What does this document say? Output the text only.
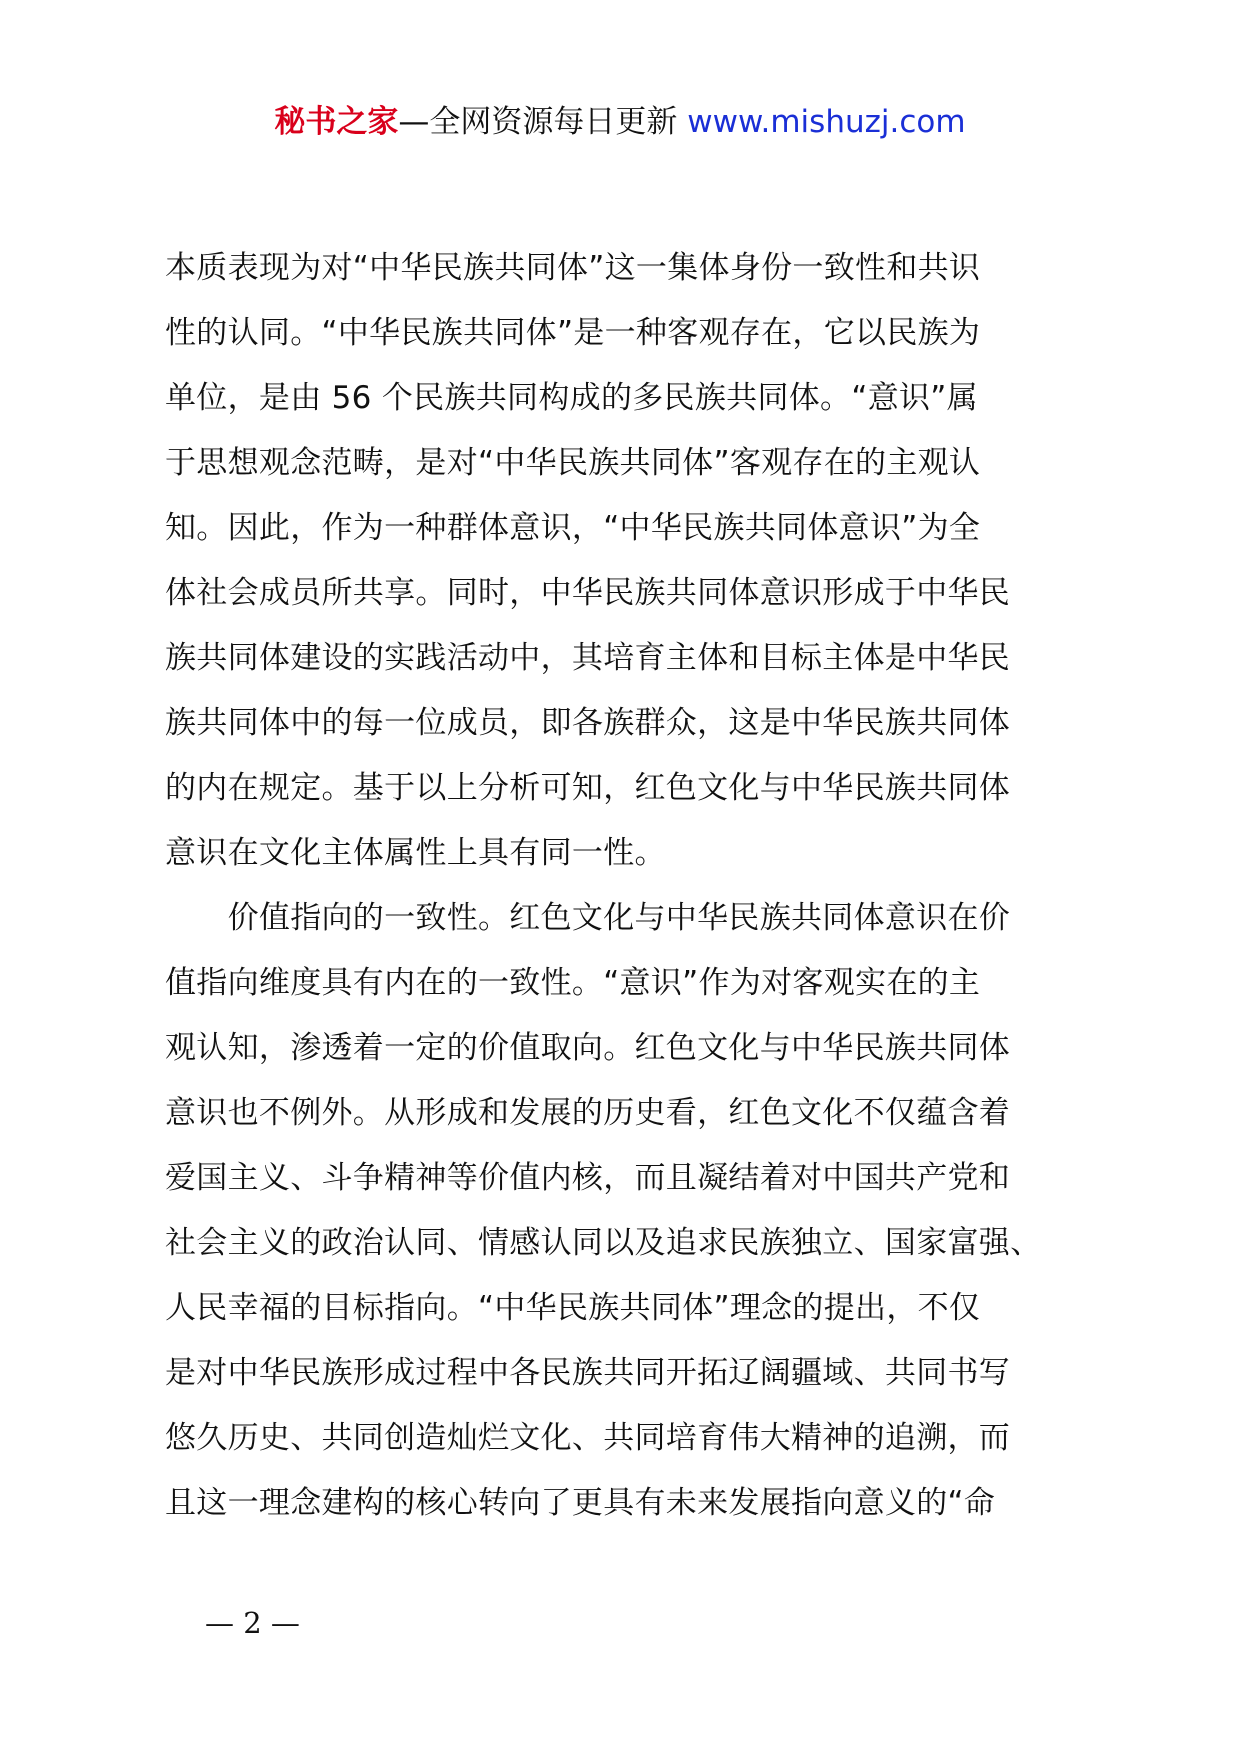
秘书之家—全网资源每日更新 www.mishuzj.com
本质表现为对“中华民族共同体”这一集体身份一致性和共识
性的认同。“中华民族共同体”是一种客观存在，它以民族为
单位，是由 56 个民族共同构成的多民族共同体。“意识”属
于思想观念范畴，是对“中华民族共同体”客观存在的主观认
知。因此，作为一种群体意识，“中华民族共同体意识”为全
体社会成员所共享。同时，中华民族共同体意识形成于中华民
族共同体建设的实践活动中，其培育主体和目标主体是中华民
族共同体中的每一位成员，即各族群众，这是中华民族共同体
的内在规定。基于以上分析可知，红色文化与中华民族共同体
意识在文化主体属性上具有同一性。
　　价值指向的一致性。红色文化与中华民族共同体意识在价
值指向维度具有内在的一致性。“意识”作为对客观实在的主
观认知，渗透着一定的价值取向。红色文化与中华民族共同体
意识也不例外。从形成和发展的历史看，红色文化不仅蕴含着
爱国主义、斗争精神等价值内核，而且凝结着对中国共产党和
社会主义的政治认同、情感认同以及追求民族独立、国家富强、
人民幸福的目标指向。“中华民族共同体”理念的提出，不仅
是对中华民族形成过程中各民族共同开拓辽阔疆域、共同书写
悠久历史、共同创造灿烂文化、共同培育伟大精神的追溯，而
且这一理念建构的核心转向了更具有未来发展指向意义的“命
— 2 —
